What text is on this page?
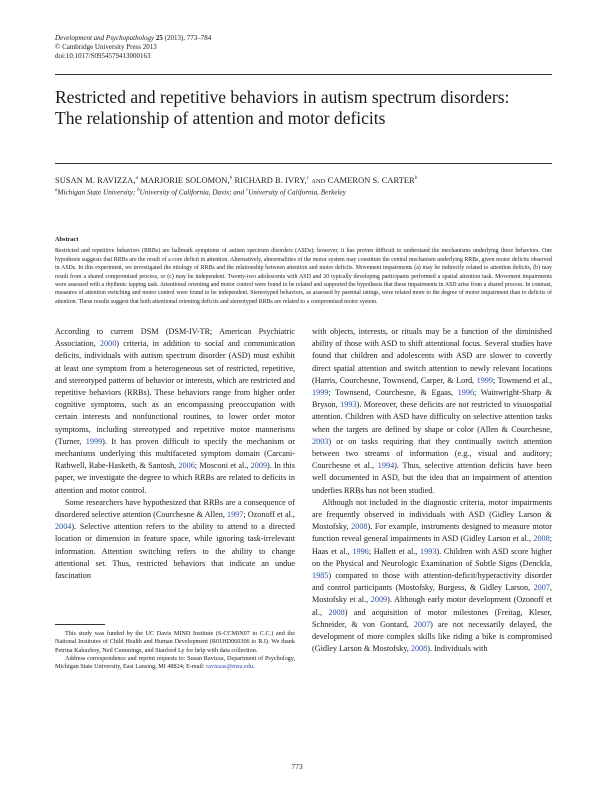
Development and Psychopathology 25 (2013), 773–784
© Cambridge University Press 2013
doi:10.1017/S0954579413000163
Restricted and repetitive behaviors in autism spectrum disorders:
The relationship of attention and motor deficits
SUSAN M. RAVIZZA,$^a$ MARJORIE SOLOMON,$^b$ RICHARD B. IVRY,$^c$ AND CAMERON S. CARTER$^b$
$^a$Michigan State University; $^b$University of California, Davis; and $^c$University of California, Berkeley
Abstract
Restricted and repetitive behaviors (RRBs) are hallmark symptoms of autism spectrum disorders (ASDs); however, it has proven difficult to understand the mechanisms underlying these behaviors. One hypothesis suggests that RRBs are the result of a core deficit in attention. Alternatively, abnormalities of the motor system may constitute the central mechanism underlying RRBs, given motor deficits observed in ASDs. In this experiment, we investigated the etiology of RRBs and the relationship between attention and motor deficits. Movement impairments (a) may be indirectly related to attention deficits, (b) may result from a shared compromised process, or (c) may be independent. Twenty-two adolescents with ASD and 20 typically developing participants performed a spatial attention task. Movement impairments were assessed with a rhythmic tapping task. Attentional orienting and motor control were found to be related and supported the hypothesis that these impairments in ASD arise from a shared process. In contrast, measures of attention switching and motor control were found to be independent. Stereotyped behaviors, as assessed by parental ratings, were related more to the degree of motor impairment than to deficits of attention. These results suggest that both attentional orienting deficits and stereotyped RRBs are related to a compromised motor system.

According to current DSM (DSM-IV-TR; American Psychiatric Association, 2000) criteria, in addition to social and communication deficits, individuals with autism spectrum disorder (ASD) must exhibit at least one symptom from a heterogeneous set of restricted, repetitive, and stereotyped patterns of behavior or interests, which are restricted and repetitive behaviors (RRBs). These behaviors range from higher order cognitive symptoms, such as an encompassing preoccupation with certain interests and nonfunctional routines, to lower order motor symptoms, including stereotyped and repetitive motor mannerisms (Turner, 1999). It has proven difficult to specify the mechanism or mechanisms underlying this multifaceted symptom domain (Carcani-Rathwell, Rabe-Hasketh, & Santosh, 2006; Mosconi et al., 2009). In this paper, we investigate the degree to which RRBs are related to deficits in attention and motor control.

Some researchers have hypothesized that RRBs are a consequence of disordered selective attention (Courchesne & Allen, 1997; Ozonoff et al., 2004). Selective attention refers to the ability to attend to a directed location or dimension in feature space, while ignoring task-irrelevant information. Attention switching refers to the ability to change attentional set. Thus, restricted behaviors that indicate an undue fascination

This study was funded by the UC Davis MIND Institute (S-CCMIN07 to C.C.) and the National Institutes of Child Health and Human Development (R01HD060306 to R.I). We thank Petrina Kakuzhoy, Neil Cummings, and Stanford Ly for help with data collection.

Address correspondence and reprint requests to: Susan Ravizza, Department of Psychology, Michigan State University, East Lansing, MI 48824; E-mail: ravizzas@msu.edu.

with objects, interests, or rituals may be a function of the diminished ability of those with ASD to shift attentional focus. Several studies have found that children and adolescents with ASD are slower to covertly direct spatial attention and switch attention to newly relevant locations (Harris, Courchesne, Townsend, Carper, & Lord, 1999; Townsend et al., 1999; Townsend, Courchesne, & Egaas, 1996; Wainwright-Sharp & Bryson, 1993). Moreover, these deficits are not restricted to visuospatial attention. Children with ASD have difficulty on selective attention tasks when the targets are defined by shape or color (Allen & Courchesne, 2003) or on tasks requiring that they continually switch attention between two streams of information (e.g., visual and auditory; Courchesne et al., 1994). Thus, selective attention deficits have been well documented in ASD, but the idea that an impairment of attention underlies RRBs has not been studied.

Although not included in the diagnostic criteria, motor impairments are frequently observed in individuals with ASD (Gidley Larson & Mostofsky, 2008). For example, instruments designed to measure motor function reveal general impairments in ASD (Gidley Larson et al., 2008; Haas et al., 1996; Hallett et al., 1993). Children with ASD score higher on the Physical and Neurologic Examination of Subtle Signs (Denckla, 1985) compared to those with attention-deficit/hyperactivity disorder and control participants (Mostofsky, Burgess, & Gidley Larson, 2007, Mostofsky et al., 2009). Although early motor development (Ozonoff et al., 2008) and acquisition of motor milestones (Freitag, Kleser, Schneider, & von Gontard, 2007) are not necessarily delayed, the development of more complex skills like riding a bike is compromised (Gidley Larson & Mostofsky, 2008). Individuals with

773
